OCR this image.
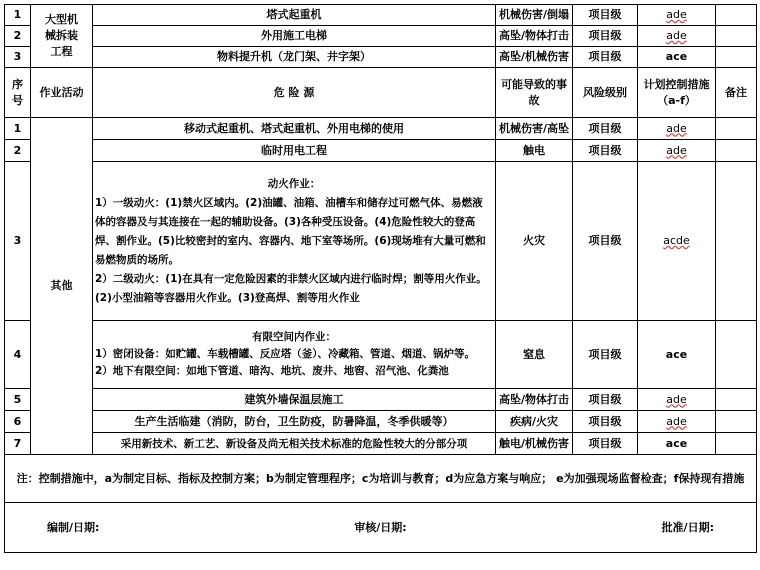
1	大型机
械拆装
工程	塔式起重机	机械伤害/倒塌	项目级	ade	
2		外用施工电梯	高坠/物体打击	项目级	ade	
3		物料提升机（龙门架、井字架）	高坠/机械伤害	项目级	ace	
序号	作业活动	危 险 源	可能导致的事故	风险级别	计划控制措施（a-f）	备注
1	其他	移动式起重机、塔式起重机、外用电梯的使用	机械伤害/高坠	项目级	ade	
2		临时用电工程	触电	项目级	ade	
3		动火作业：
1）一级动火：(1)禁火区域内。(2)油罐、油箱、油槽车和储存过可燃气体、易燃液体的容器及与其连接在一起的辅助设备。(3)各种受压设备。(4)危险性较大的登高焊、割作业。(5)比较密封的室内、容器内、地下室等场所。(6)现场堆有大量可燃和易燃物质的场所。
2）二级动火：(1)在具有一定危险因素的非禁火区域内进行临时焊；割等用火作业。(2)小型油箱等容器用火作业。(3)登高焊、割等用火作业	火灾	项目级	acde	
4		有限空间内作业：
1）密闭设备：如贮罐、车载槽罐、反应塔（釜）、冷藏箱、管道、烟道、锅炉等。
2）地下有限空间：如地下管道、暗沟、地坑、废井、地窖、沼气池、化粪池	窒息	项目级	ace	
5		建筑外墙保温层施工	高坠/物体打击	项目级	ade	
6		生产生活临建（消防，防台，卫生防疫，防暑降温，冬季供暖等）	疾病/火灾	项目级	ade	
7		采用新技术、新工艺、新设备及尚无相关技术标准的危险性较大的分部分项	触电/机械伤害	项目级	ace	
注：控制措施中，a为制定目标、指标及控制方案；b为制定管理程序；c为培训与教育；d为应急方案与响应； e为加强现场监督检查；f保持现有措施						

编制/日期: 审核/日期: 批准/日期:						
